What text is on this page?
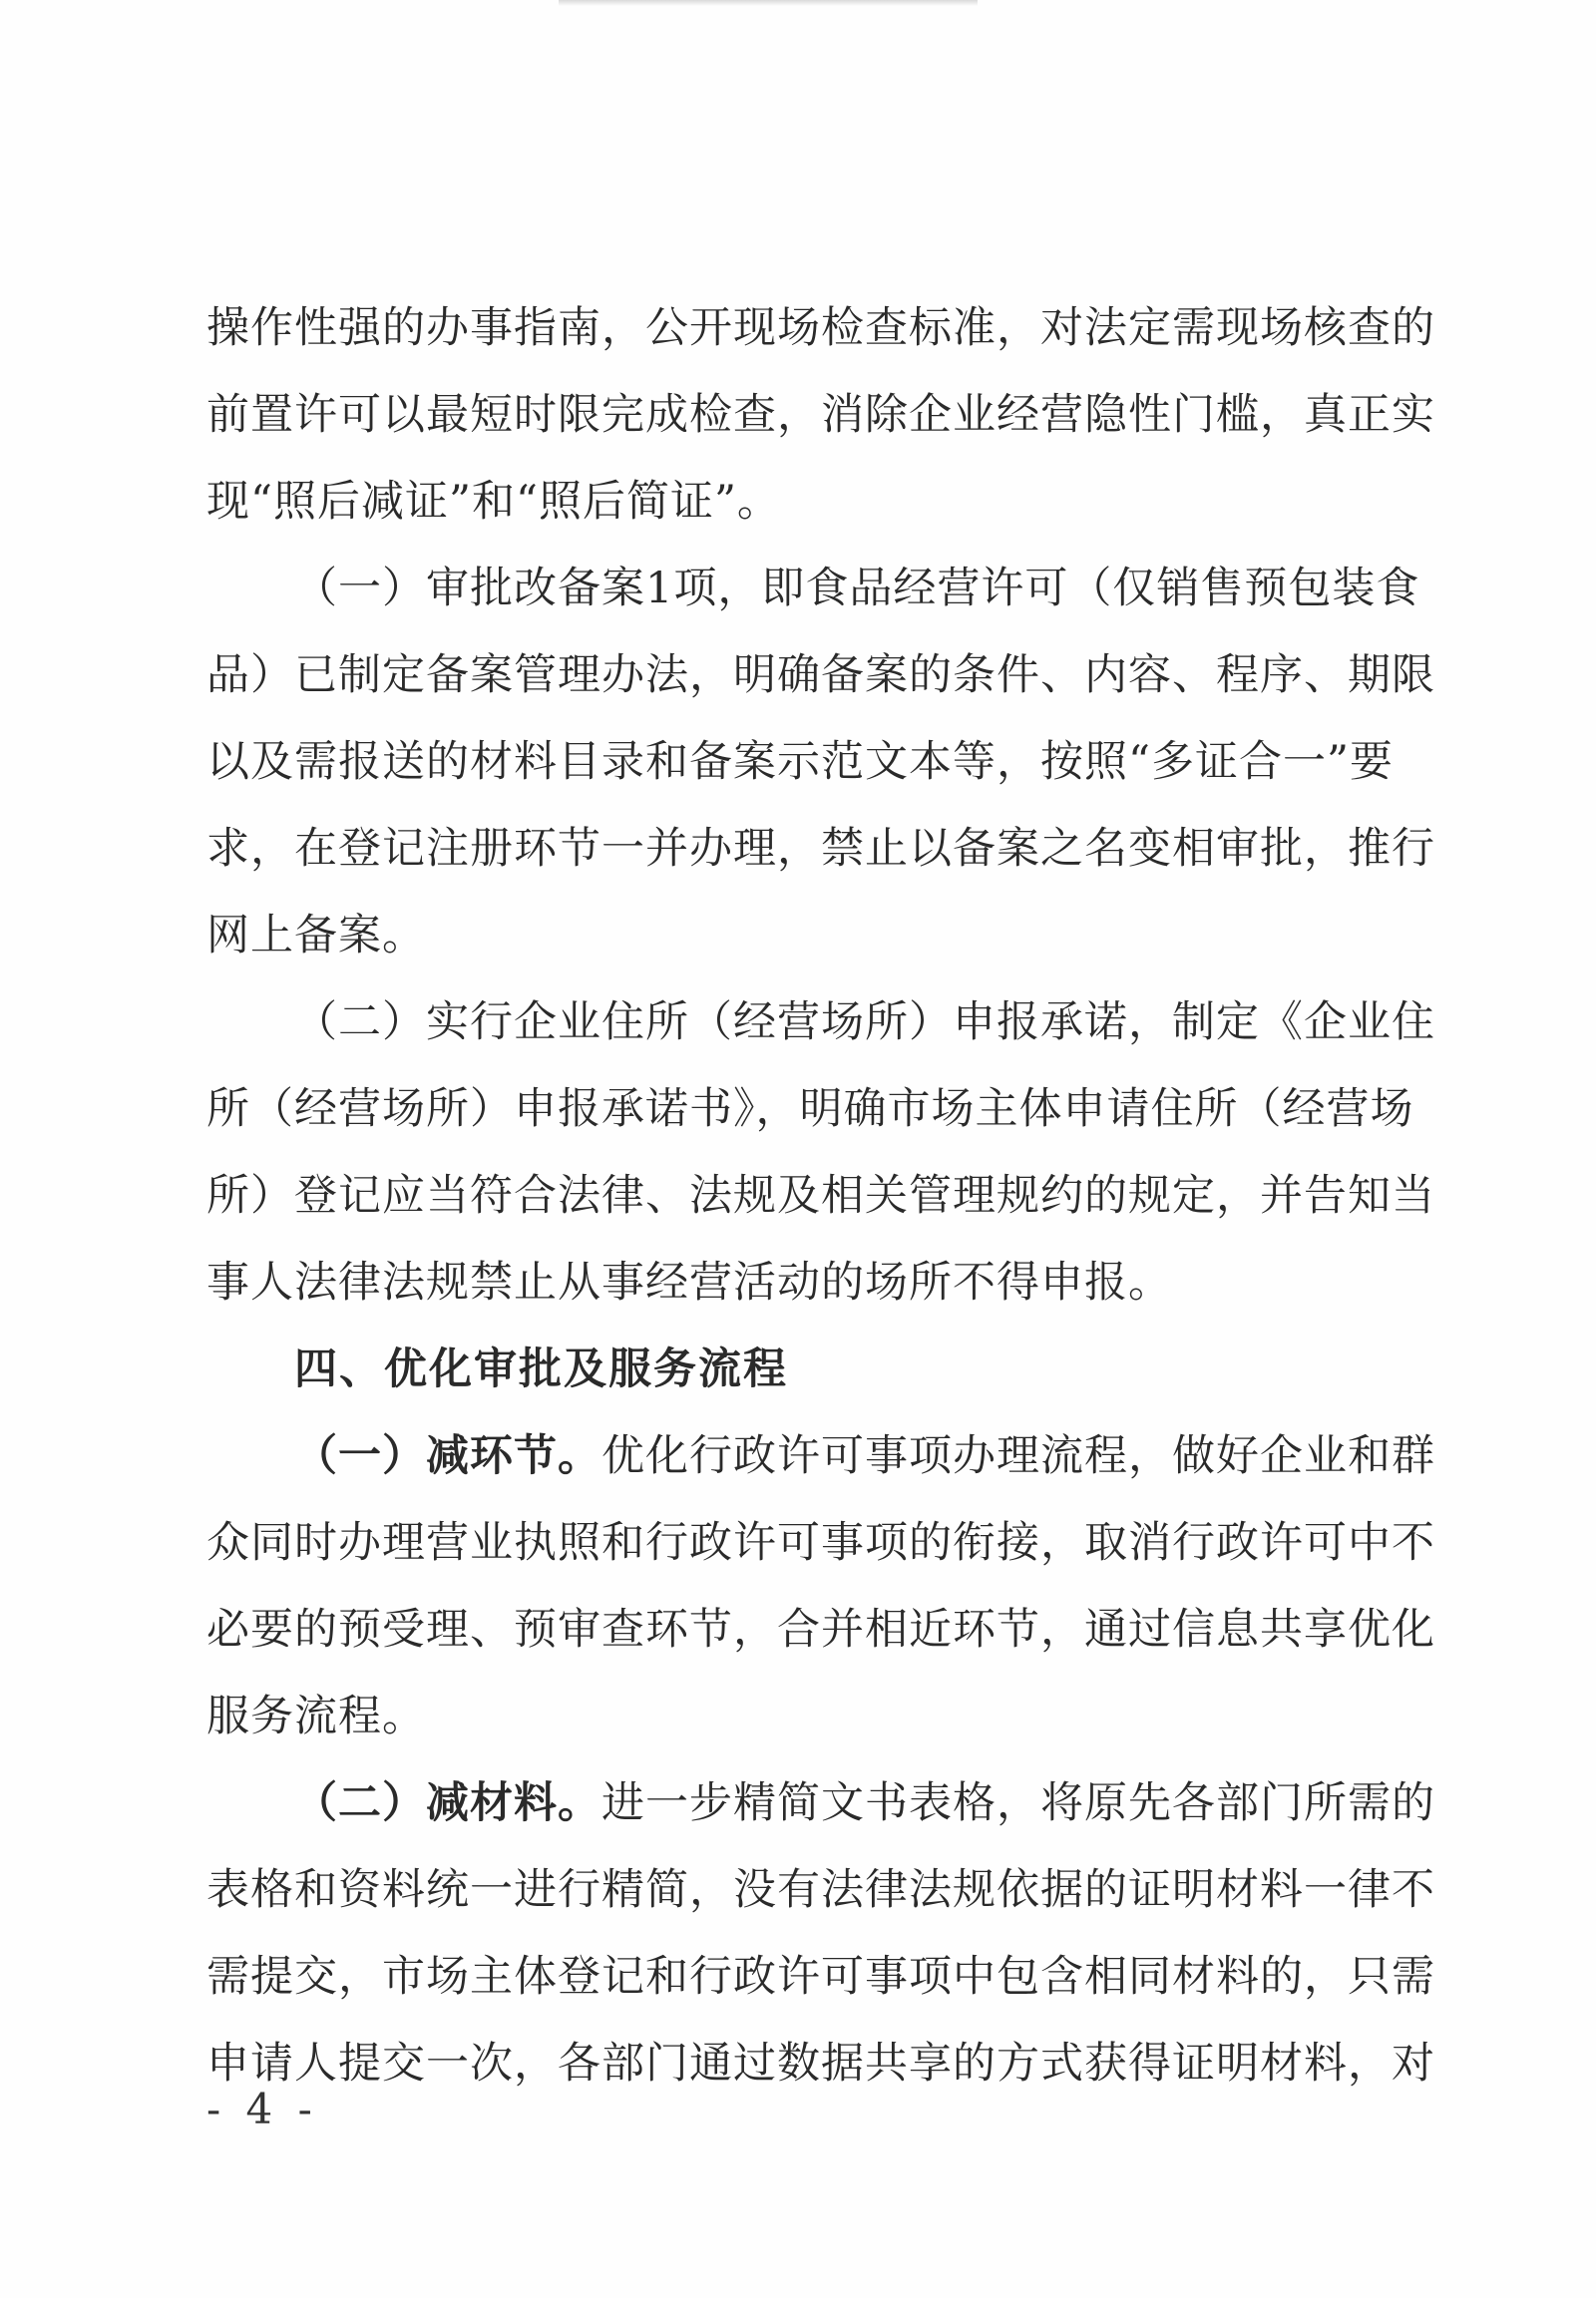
操作性强的办事指南，公开现场检查标准，对法定需现场核查的
前置许可以最短时限完成检查，消除企业经营隐性门槛，真正实
现“照后减证”和“照后简证”。
（一）审批改备案1项，即食品经营许可（仅销售预包装食
品）已制定备案管理办法，明确备案的条件、内容、程序、期限
以及需报送的材料目录和备案示范文本等，按照“多证合一”要
求，在登记注册环节一并办理，禁止以备案之名变相审批，推行
网上备案。
（二）实行企业住所（经营场所）申报承诺，制定《企业住
所（经营场所）申报承诺书》，明确市场主体申请住所（经营场
所）登记应当符合法律、法规及相关管理规约的规定，并告知当
事人法律法规禁止从事经营活动的场所不得申报。
四、优化审批及服务流程
（一）减环节。优化行政许可事项办理流程，做好企业和群
众同时办理营业执照和行政许可事项的衔接，取消行政许可中不
必要的预受理、预审查环节，合并相近环节，通过信息共享优化
服务流程。
（二）减材料。进一步精简文书表格，将原先各部门所需的
表格和资料统一进行精简，没有法律法规依据的证明材料一律不
需提交，市场主体登记和行政许可事项中包含相同材料的，只需
申请人提交一次，各部门通过数据共享的方式获得证明材料，对
- 4 -
